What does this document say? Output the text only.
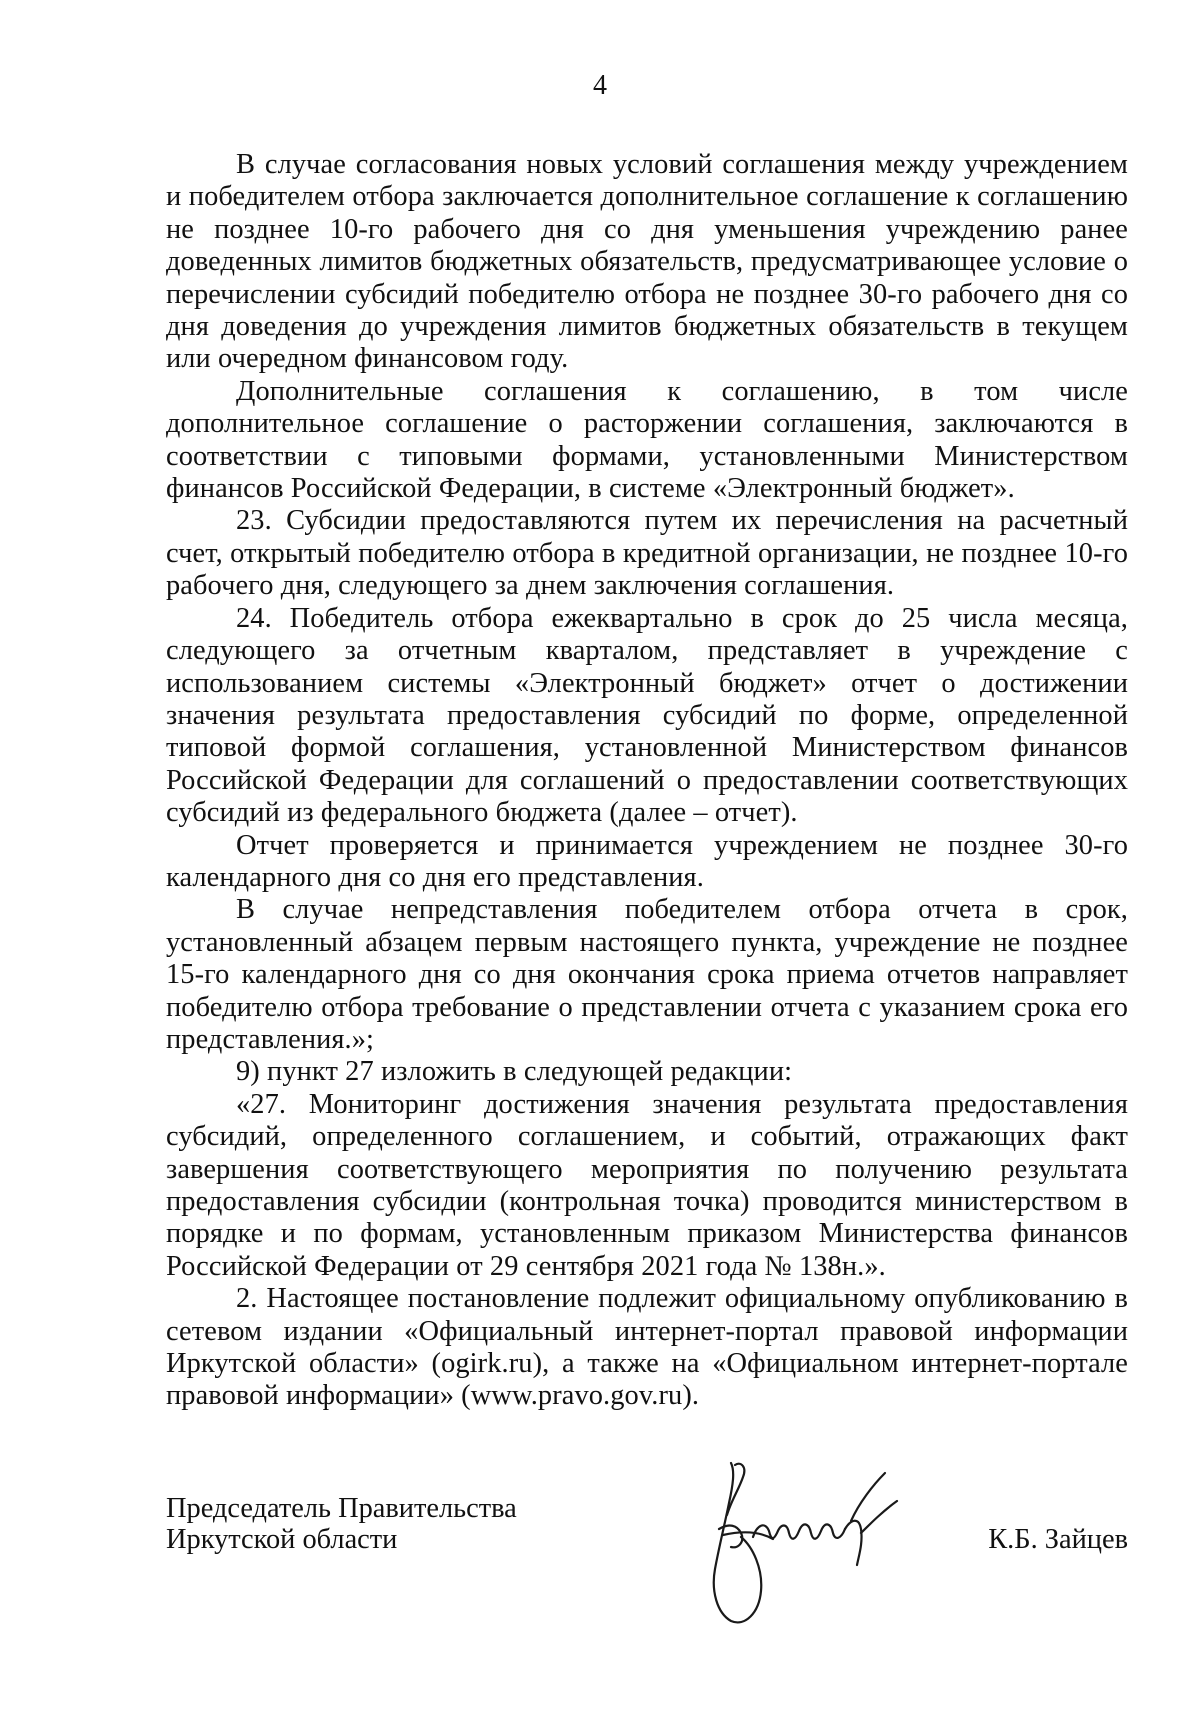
4

В случае согласования новых условий соглашения между учреждением и победителем отбора заключается дополнительное соглашение к соглашению не позднее 10-го рабочего дня со дня уменьшения учреждению ранее доведенных лимитов бюджетных обязательств, предусматривающее условие о перечислении субсидий победителю отбора не позднее 30-го рабочего дня со дня доведения до учреждения лимитов бюджетных обязательств в текущем или очередном финансовом году.

Дополнительные соглашения к соглашению, в том числе дополнительное соглашение о расторжении соглашения, заключаются в соответствии с типовыми формами, установленными Министерством финансов Российской Федерации, в системе «Электронный бюджет».

23. Субсидии предоставляются путем их перечисления на расчетный счет, открытый победителю отбора в кредитной организации, не позднее 10-го рабочего дня, следующего за днем заключения соглашения.

24. Победитель отбора ежеквартально в срок до 25 числа месяца, следующего за отчетным кварталом, представляет в учреждение с использованием системы «Электронный бюджет» отчет о достижении значения результата предоставления субсидий по форме, определенной типовой формой соглашения, установленной Министерством финансов Российской Федерации для соглашений о предоставлении соответствующих субсидий из федерального бюджета (далее – отчет).

Отчет проверяется и принимается учреждением не позднее 30-го календарного дня со дня его представления.

В случае непредставления победителем отбора отчета в срок, установленный абзацем первым настоящего пункта, учреждение не позднее 15-го календарного дня со дня окончания срока приема отчетов направляет победителю отбора требование о представлении отчета с указанием срока его представления.»;

9) пункт 27 изложить в следующей редакции:

«27. Мониторинг достижения значения результата предоставления субсидий, определенного соглашением, и событий, отражающих факт завершения соответствующего мероприятия по получению результата предоставления субсидии (контрольная точка) проводится министерством в порядке и по формам, установленным приказом Министерства финансов Российской Федерации от 29 сентября 2021 года № 138н.».

2. Настоящее постановление подлежит официальному опубликованию в сетевом издании «Официальный интернет-портал правовой информации Иркутской области» (ogirk.ru), а также на «Официальном интернет-портале правовой информации» (www.pravo.gov.ru).

Председатель Правительства
Иркутской области	К.Б. Зайцев
